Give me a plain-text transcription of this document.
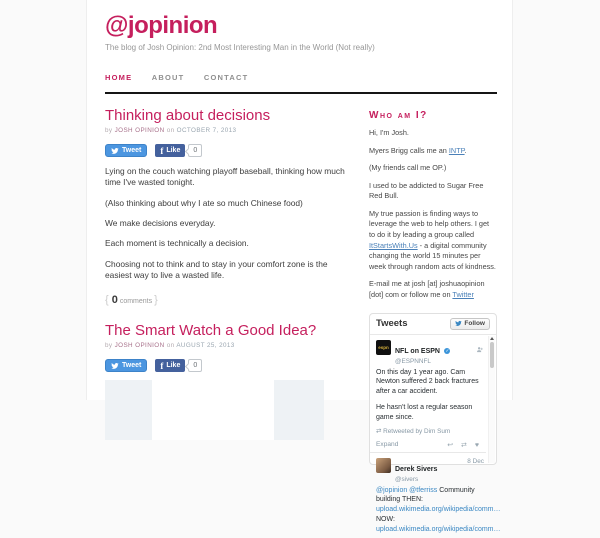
@jopinion
The blog of Josh Opinion: 2nd Most Interesting Man in the World (Not really)
HOME	ABOUT	CONTACT
Thinking about decisions
by JOSH OPINION on OCTOBER 7, 2013
Tweet f Like	0

Lying on the couch watching playoff baseball, thinking how much time I've wasted tonight.

(Also thinking about why I ate so much Chinese food)

We make decisions everyday.

Each moment is technically a decision.

Choosing not to think and to stay in your comfort zone is the easiest way to live a wasted life.

{ 0 comments }
The Smart Watch a Good Idea?
by JOSH OPINION on AUGUST 25, 2013
Tweet f Like	0
Who am I?

Hi, I'm Josh.

Myers Brigg calls me an INTP.

(My friends call me OP.)

I used to be addicted to Sugar Free Red Bull.

My true passion is finding ways to leverage the web to help others. I get to do it by leading a group called ItStartsWith.Us - a digital community changing the world 15 minutes per week through random acts of kindness.

E-mail me at josh [at] joshuaopinion [dot] com or follow me on Twitter

Tweets	Follow
espn
NFL on ESPN ✓
@ESPNNFL
On this day 1 year ago. Cam Newton suffered 2 back fractures after a car accident.
He hasn't lost a regular season game since.
⇄ Retweeted by Dim Sum
Expand	↩ ⇄ ♥
Derek Sivers
@sivers
8 Dec
@jopinion @tferriss Community building THEN:
upload.wikimedia.org/wikipedia/comm…
NOW:
upload.wikimedia.org/wikipedia/comm…
